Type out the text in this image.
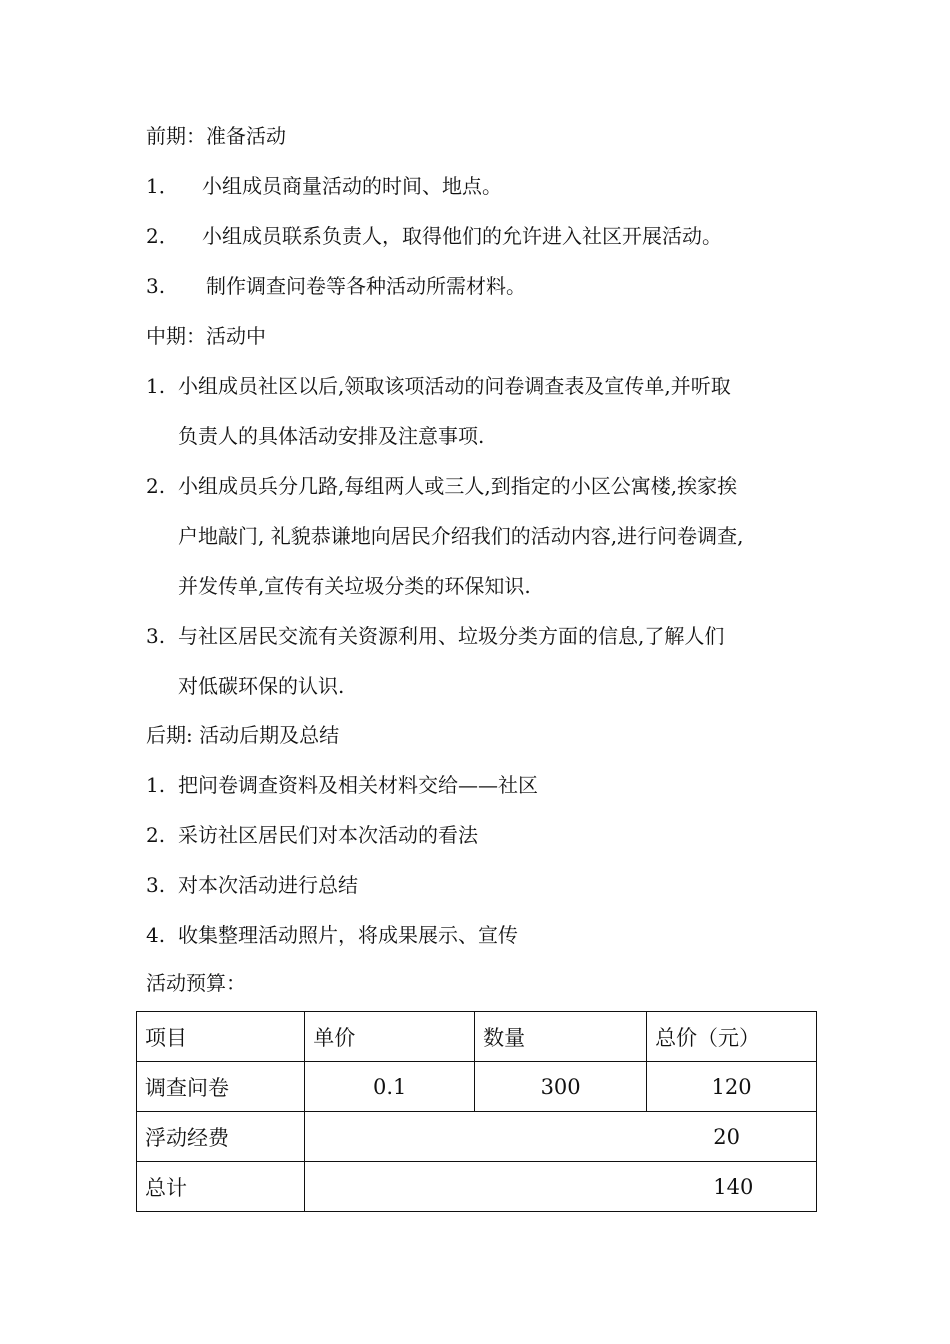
前期：准备活动
1． 小组成员商量活动的时间、地点。
2． 小组成员联系负责人，取得他们的允许进入社区开展活动。
3. 制作调查问卷等各种活动所需材料。
中期：活动中
1. 小组成员社区以后,领取该项活动的问卷调查表及宣传单,并听取
负责人的具体活动安排及注意事项.
2. 小组成员兵分几路,每组两人或三人,到指定的小区公寓楼,挨家挨
户地敲门, 礼貌恭谦地向居民介绍我们的活动内容,进行问卷调查,
并发传单,宣传有关垃圾分类的环保知识.
3. 与社区居民交流有关资源利用、垃圾分类方面的信息,了解人们
对低碳环保的认识.
后期: 活动后期及总结
1. 把问卷调查资料及相关材料交给——社区
2. 采访社区居民们对本次活动的看法
3. 对本次活动进行总结
4. 收集整理活动照片，将成果展示、宣传
活动预算：
项目	单价	数量	总价（元）
调查问卷	0.1	300	120
浮动经费	20		
总计	140		
